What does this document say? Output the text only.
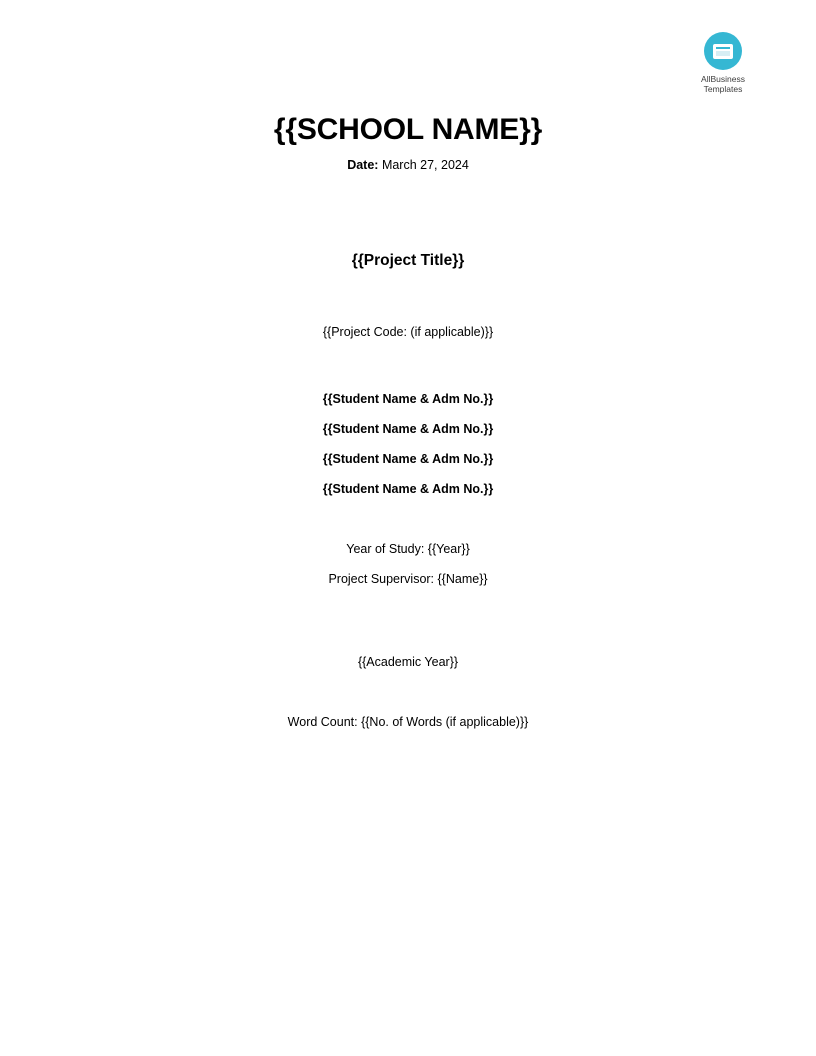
AllBusiness
Templates
{{SCHOOL NAME}}
Date: March 27, 2024
{{Project Title}}
{{Project Code: (if applicable)}}
{{Student Name & Adm No.}}
{{Student Name & Adm No.}}
{{Student Name & Adm No.}}
{{Student Name & Adm No.}}
Year of Study: {{Year}}
Project Supervisor: {{Name}}
{{Academic Year}}
Word Count: {{No. of Words (if applicable)}}
